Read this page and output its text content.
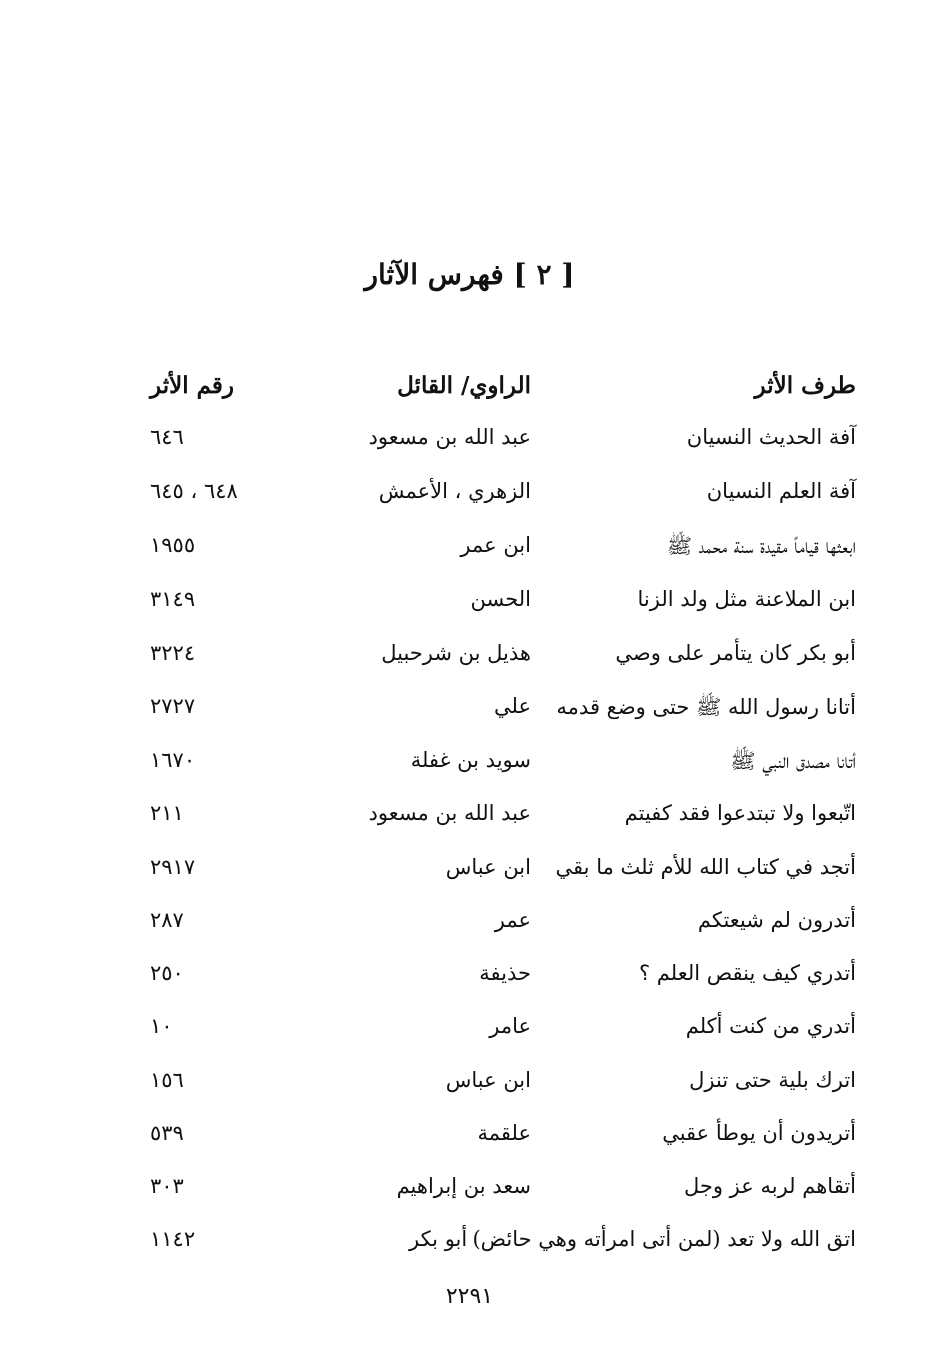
[ ٢ ] فهرس الآثار
طرف الأثر
الراوي/ القائل
رقم الأثر
آفة الحديث النسيان
عبد الله بن مسعود
٦٤٦
آفة العلم النسيان
الزهري ، الأعمش
٦٤٨ ، ٦٤٥
ابعثها قياماً مقيدة سنة محمد ﷺ
ابن عمر
١٩٥٥
ابن الملاعنة مثل ولد الزنا
الحسن
٣١٤٩
أبو بكر كان يتأمر على وصي
هذيل بن شرحبيل
٣٢٢٤
أتانا رسول الله ﷺ حتى وضع قدمه
علي
٢٧٢٧
أتانا مصدق النبي ﷺ
سويد بن غفلة
١٦٧٠
اتّبعوا ولا تبتدعوا فقد كفيتم
عبد الله بن مسعود
٢١١
أتجد في كتاب الله للأم ثلث ما بقي
ابن عباس
٢٩١٧
أتدرون لم شيعتكم
عمر
٢٨٧
أتدري كيف ينقص العلم ؟
حذيفة
٢٥٠
أتدري من كنت أكلم
عامر
١٠
اترك بلية حتى تنزل
ابن عباس
١٥٦
أتريدون أن يوطأ عقبي
علقمة
٥٣٩
أتقاهم لربه عز وجل
سعد بن إبراهيم
٣٠٣
اتق الله ولا تعد (لمن أتى امرأته وهي حائض)
أبو بكر
١١٤٢
٢٢٩١
